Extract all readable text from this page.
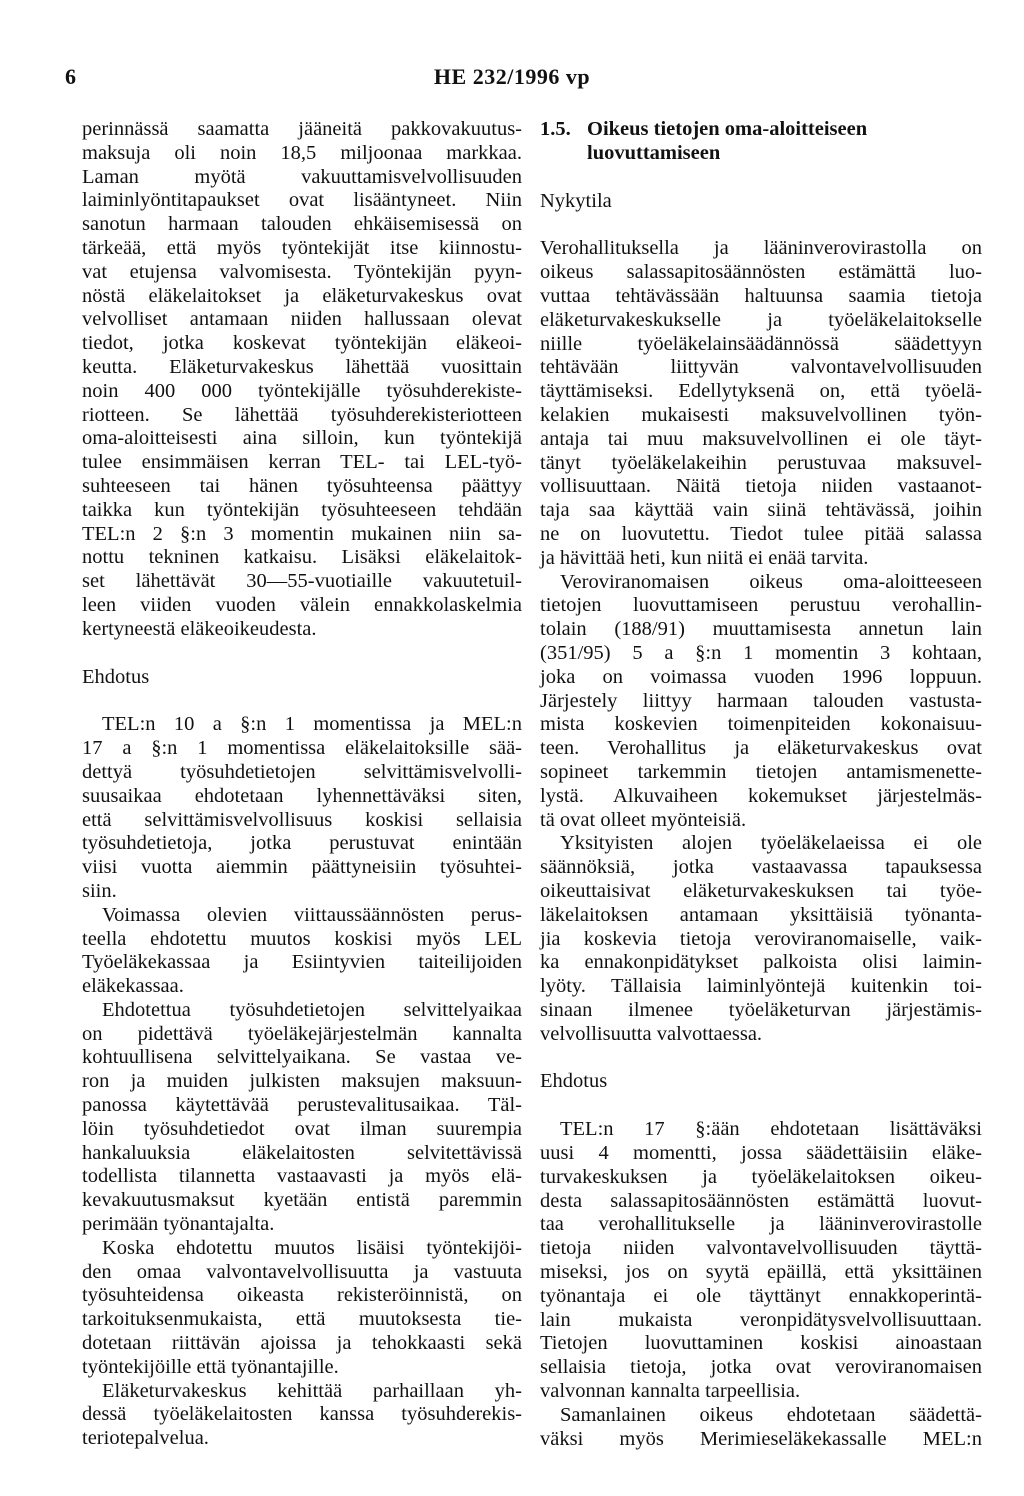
6	HE 232/1996 vp
perinnässä saamatta jääneitä pakkovakuutus-
maksuja oli noin 18,5 miljoonaa markkaa.
Laman myötä vakuuttamisvelvollisuuden
laiminlyöntitapaukset ovat lisääntyneet. Niin
sanotun harmaan talouden ehkäisemisessä on
tärkeää, että myös työntekijät itse kiinnostu-
vat etujensa valvomisesta. Työntekijän pyyn-
nöstä eläkelaitokset ja eläketurvakeskus ovat
velvolliset antamaan niiden hallussaan olevat
tiedot, jotka koskevat työntekijän eläkeoi-
keutta. Eläketurvakeskus lähettää vuosittain
noin 400 000 työntekijälle työsuhderekiste-
riotteen. Se lähettää työsuhderekisteriotteen
oma-aloitteisesti aina silloin, kun työntekijä
tulee ensimmäisen kerran TEL- tai LEL-työ-
suhteeseen tai hänen työsuhteensa päättyy
taikka kun työntekijän työsuhteeseen tehdään
TEL:n 2 §:n 3 momentin mukainen niin sa-
nottu tekninen katkaisu. Lisäksi eläkelaitok-
set lähettävät 30—55-vuotiaille vakuutetuil-
leen viiden vuoden välein ennakkolaskelmia
kertyneestä eläkeoikeudesta.
Ehdotus
TEL:n 10 a §:n 1 momentissa ja MEL:n
17 a §:n 1 momentissa eläkelaitoksille sää-
dettyä työsuhdetietojen selvittämisvelvolli-
suusaikaa ehdotetaan lyhennettäväksi siten,
että selvittämisvelvollisuus koskisi sellaisia
työsuhdetietoja, jotka perustuvat enintään
viisi vuotta aiemmin päättyneisiin työsuhtei-
siin.
Voimassa olevien viittaussäännösten perus-
teella ehdotettu muutos koskisi myös LEL
Työeläkekassaa ja Esiintyvien taiteilijoiden
eläkekassaa.
Ehdotettua työsuhdetietojen selvittelyaikaa
on pidettävä työeläkejärjestelmän kannalta
kohtuullisena selvittelyaikana. Se vastaa ve-
ron ja muiden julkisten maksujen maksuun-
panossa käytettävää perustevalitusaikaa. Täl-
löin työsuhdetiedot ovat ilman suurempia
hankaluuksia eläkelaitosten selvitettävissä
todellista tilannetta vastaavasti ja myös elä-
kevakuutusmaksut kyetään entistä paremmin
perimään työnantajalta.
Koska ehdotettu muutos lisäisi työntekijöi-
den omaa valvontavelvollisuutta ja vastuuta
työsuhteidensa oikeasta rekisteröinnistä, on
tarkoituksenmukaista, että muutoksesta tie-
dotetaan riittävän ajoissa ja tehokkaasti sekä
työntekijöille että työnantajille.
Eläketurvakeskus kehittää parhaillaan yh-
dessä työeläkelaitosten kanssa työsuhderekis-
teriotepalvelua.
1.5. Oikeus tietojen oma-aloitteiseen
luovuttamiseen
Nykytila
Verohallituksella ja lääninverovirastolla on
oikeus salassapitosäännösten estämättä luo-
vuttaa tehtävässään haltuunsa saamia tietoja
eläketurvakeskukselle ja työeläkelaitokselle
niille työeläkelainsäädännössä säädettyyn
tehtävään liittyvän valvontavelvollisuuden
täyttämiseksi. Edellytyksenä on, että työelä-
kelakien mukaisesti maksuvelvollinen työn-
antaja tai muu maksuvelvollinen ei ole täyt-
tänyt työeläkelakeihin perustuvaa maksuvel-
vollisuuttaan. Näitä tietoja niiden vastaanot-
taja saa käyttää vain siinä tehtävässä, joihin
ne on luovutettu. Tiedot tulee pitää salassa
ja hävittää heti, kun niitä ei enää tarvita.
Veroviranomaisen oikeus oma-aloitteeseen
tietojen luovuttamiseen perustuu verohallin-
tolain (188/91) muuttamisesta annetun lain
(351/95) 5 a §:n 1 momentin 3 kohtaan,
joka on voimassa vuoden 1996 loppuun.
Järjestely liittyy harmaan talouden vastusta-
mista koskevien toimenpiteiden kokonaisuu-
teen. Verohallitus ja eläketurvakeskus ovat
sopineet tarkemmin tietojen antamismenette-
lystä. Alkuvaiheen kokemukset järjestelmäs-
tä ovat olleet myönteisiä.
Yksityisten alojen työeläkelaeissa ei ole
säännöksiä, jotka vastaavassa tapauksessa
oikeuttaisivat eläketurvakeskuksen tai työe-
läkelaitoksen antamaan yksittäisiä työnanta-
jia koskevia tietoja veroviranomaiselle, vaik-
ka ennakonpidätykset palkoista olisi laimin-
lyöty. Tällaisia laiminlyöntejä kuitenkin toi-
sinaan ilmenee työeläketurvan järjestämis-
velvollisuutta valvottaessa.
Ehdotus
TEL:n 17 §:ään ehdotetaan lisättäväksi
uusi 4 momentti, jossa säädettäisiin eläke-
turvakeskuksen ja työeläkelaitoksen oikeu-
desta salassapitosäännösten estämättä luovut-
taa verohallitukselle ja lääninverovirastolle
tietoja niiden valvontavelvollisuuden täyttä-
miseksi, jos on syytä epäillä, että yksittäinen
työnantaja ei ole täyttänyt ennakkoperintä-
lain mukaista veronpidätysvelvollisuuttaan.
Tietojen luovuttaminen koskisi ainoastaan
sellaisia tietoja, jotka ovat veroviranomaisen
valvonnan kannalta tarpeellisia.
Samanlainen oikeus ehdotetaan säädettä-
väksi myös Merimieseläkekassalle MEL:n
